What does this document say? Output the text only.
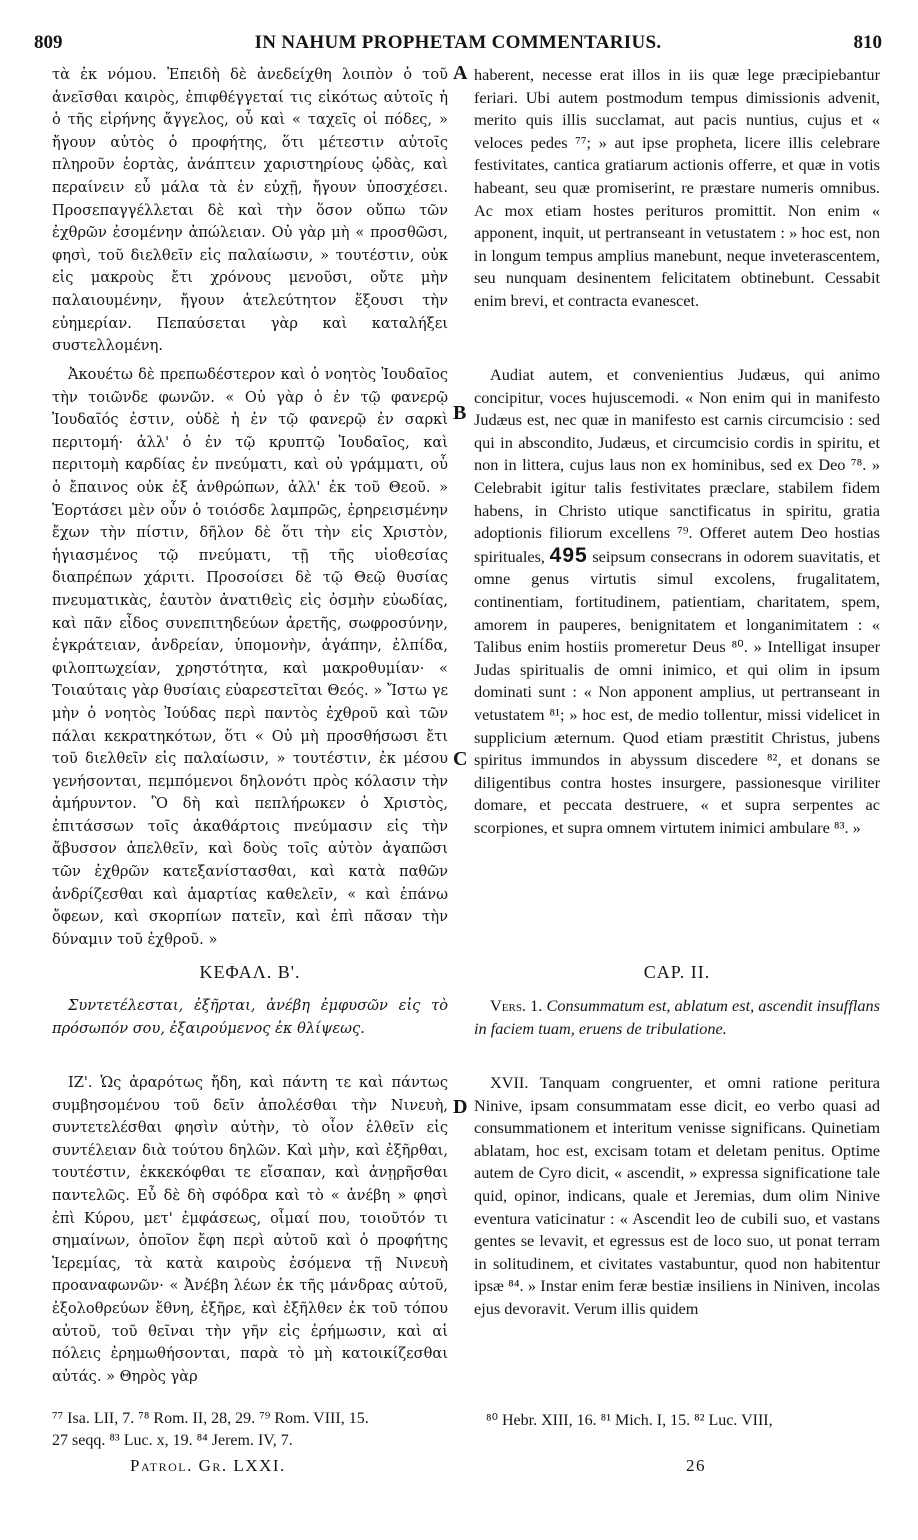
809	IN NAHUM PROPHETAM COMMENTARIUS.	810

τὰ ἐκ νόμου. Ἐπειδὴ δὲ ἀνεδείχθη λοιπὸν ὁ τοῦ ἀνεῖσθαι καιρὸς, ἐπιφθέγγεταί τις εἰκότως αὐτοῖς ἡ ὁ τῆς εἰρήνης ἄγγελος, οὗ καὶ « ταχεῖς οἱ πόδες, » ἤγουν αὐτὸς ὁ προφήτης, ὅτι μέτεστιν αὐτοῖς πληροῦν ἑορτὰς, ἀνάπτειν χαριστηρίους ᾠδὰς, καὶ περαίνειν εὖ μάλα τὰ ἐν εὐχῇ, ἤγουν ὑποσχέσει. Προσεπαγγέλλεται δὲ καὶ τὴν ὅσον οὔπω τῶν ἐχθρῶν ἐσομένην ἀπώλειαν. Οὐ γὰρ μὴ « προσθῶσι, φησὶ, τοῦ διελθεῖν εἰς παλαίωσιν, » τουτέστιν, οὐκ εἰς μακροὺς ἔτι χρόνους μενοῦσι, οὔτε μὴν παλαιουμένην, ἤγουν ἀτελεύτητον ἕξουσι τὴν εὐημερίαν. Πεπαύσεται γὰρ καὶ καταλήξει συστελλομένη.

Ἀκουέτω δὲ πρεπωδέστερον καὶ ὁ νοητὸς Ἰουδαῖος τὴν τοιῶνδε φωνῶν. « Οὐ γὰρ ὁ ἐν τῷ φανερῷ Ἰουδαῖός ἐστιν, οὐδὲ ἡ ἐν τῷ φανερῷ ἐν σαρκὶ περιτομή· ἀλλ' ὁ ἐν τῷ κρυπτῷ Ἰουδαῖος, καὶ περιτομὴ καρδίας ἐν πνεύματι, καὶ οὐ γράμματι, οὗ ὁ ἔπαινος οὐκ ἐξ ἀνθρώπων, ἀλλ' ἐκ τοῦ Θεοῦ. » Ἑορτάσει μὲν οὖν ὁ τοιόσδε λαμπρῶς, ἐρηρεισμένην ἔχων τὴν πίστιν, δῆλον δὲ ὅτι τὴν εἰς Χριστὸν, ἡγιασμένος τῷ πνεύματι, τῇ τῆς υἱοθεσίας διαπρέπων χάριτι. Προσοίσει δὲ τῷ Θεῷ θυσίας πνευματικὰς, ἑαυτὸν ἀνατιθεὶς εἰς ὀσμὴν εὐωδίας, καὶ πᾶν εἶδος συνεπιτηδεύων ἀρετῆς, σωφροσύνην, ἐγκράτειαν, ἀνδρείαν, ὑπομονὴν, ἀγάπην, ἐλπίδα, φιλοπτωχείαν, χρηστότητα, καὶ μακροθυμίαν· « Τοιαύταις γὰρ θυσίαις εὐαρεστεῖται Θεός. » Ἴστω γε μὴν ὁ νοητὸς Ἰούδας περὶ παντὸς ἐχθροῦ καὶ τῶν πάλαι κεκρατηκότων, ὅτι « Οὐ μὴ προσθήσωσι ἔτι τοῦ διελθεῖν εἰς παλαίωσιν, » τουτέστιν, ἐκ μέσου γενήσονται, πεμπόμενοι δηλονότι πρὸς κόλασιν τὴν ἀμήρυντον. Ὃ δὴ καὶ πεπλήρωκεν ὁ Χριστὸς, ἐπιτάσσων τοῖς ἀκαθάρτοις πνεύμασιν εἰς τὴν ἄβυσσον ἀπελθεῖν, καὶ δοὺς τοῖς αὐτὸν ἀγαπῶσι τῶν ἐχθρῶν κατεξανίστασθαι, καὶ κατὰ παθῶν ἀνδρίζεσθαι καὶ ἁμαρτίας καθελεῖν, « καὶ ἐπάνω ὄφεων, καὶ σκορπίων πατεῖν, καὶ ἐπὶ πᾶσαν τὴν δύναμιν τοῦ ἐχθροῦ. »

ΚΕΦΑΛ. Β'.

Συντετέλεσται, ἐξῆρται, ἀνέβη ἐμφυσῶν εἰς τὸ πρόσωπόν σου, ἐξαιρούμενος ἐκ θλίψεως.

ΙΖ'. Ὡς ἀραρότως ἤδη, καὶ πάντη τε καὶ πάντως συμβησομένου τοῦ δεῖν ἀπολέσθαι τὴν Νινευὴ, συντετελέσθαι φησὶν αὐτὴν, τὸ οἷον ἐλθεῖν εἰς συντέλειαν διὰ τούτου δηλῶν. Καὶ μὴν, καὶ ἐξῆρθαι, τουτέστιν, ἐκκεκόφθαι τε εἴσαπαν, καὶ ἀνῃρῆσθαι παντελῶς. Εὖ δὲ δὴ σφόδρα καὶ τὸ « ἀνέβη » φησὶ ἐπὶ Κύρου, μετ' ἐμφάσεως, οἶμαί που, τοιοῦτόν τι σημαίνων, ὁποῖον ἔφη περὶ αὐτοῦ καὶ ὁ προφήτης Ἱερεμίας, τὰ κατὰ καιροὺς ἐσόμενα τῇ Νινευὴ προαναφωνῶν· « Ἀνέβη λέων ἐκ τῆς μάνδρας αὐτοῦ, ἐξολοθρεύων ἔθνη, ἐξῆρε, καὶ ἐξῆλθεν ἐκ τοῦ τόπου αὐτοῦ, τοῦ θεῖναι τὴν γῆν εἰς ἐρήμωσιν, καὶ αἱ πόλεις ἐρημωθήσονται, παρὰ τὸ μὴ κατοικίζεσθαι αὐτάς. » Θηρὸς γὰρ

A
B
C
D

haberent, necesse erat illos in iis quæ lege præcipiebantur feriari. Ubi autem postmodum tempus dimissionis advenit, merito quis illis succlamat, aut pacis nuntius, cujus et « veloces pedes ⁷⁷; » aut ipse propheta, licere illis celebrare festivitates, cantica gratiarum actionis offerre, et quæ in votis habeant, seu quæ promiserint, re præstare numeris omnibus. Ac mox etiam hostes perituros promittit. Non enim « apponent, inquit, ut pertranseant in vetustatem : » hoc est, non in longum tempus amplius manebunt, neque inveterascentem, seu nunquam desinentem felicitatem obtinebunt. Cessabit enim brevi, et contracta evanescet.

Audiat autem, et convenientius Judæus, qui animo concipitur, voces hujuscemodi. « Non enim qui in manifesto Judæus est, nec quæ in manifesto est carnis circumcisio : sed qui in abscondito, Judæus, et circumcisio cordis in spiritu, et non in littera, cujus laus non ex hominibus, sed ex Deo ⁷⁸. » Celebrabit igitur talis festivitates præclare, stabilem fidem habens, in Christo utique sanctificatus in spiritu, gratia adoptionis filiorum excellens ⁷⁹. Offeret autem Deo hostias spirituales, 495 seipsum consecrans in odorem suavitatis, et omne genus virtutis simul excolens, frugalitatem, continentiam, fortitudinem, patientiam, charitatem, spem, amorem in pauperes, benignitatem et longanimitatem : « Talibus enim hostiis promeretur Deus ⁸⁰. » Intelligat insuper Judas spiritualis de omni inimico, et qui olim in ipsum dominati sunt : « Non apponent amplius, ut pertranseant in vetustatem ⁸¹; » hoc est, de medio tollentur, missi videlicet in supplicium æternum. Quod etiam præstitit Christus, jubens spiritus immundos in abyssum discedere ⁸², et donans se diligentibus contra hostes insurgere, passionesque viriliter domare, et peccata destruere, « et supra serpentes ac scorpiones, et supra omnem virtutem inimici ambulare ⁸³. »

CAP. II.

Vers. 1. Consummatum est, ablatum est, ascendit insufflans in faciem tuam, eruens de tribulatione.

XVII. Tanquam congruenter, et omni ratione peritura Ninive, ipsam consummatam esse dicit, eo verbo quasi ad consummationem et interitum venisse significans. Quinetiam ablatam, hoc est, excisam totam et deletam penitus. Optime autem de Cyro dicit, « ascendit, » expressa significatione tale quid, opinor, indicans, quale et Jeremias, dum olim Ninive eventura vaticinatur : « Ascendit leo de cubili suo, et vastans gentes se levavit, et egressus est de loco suo, ut ponat terram in solitudinem, et civitates vastabuntur, quod non habitentur ipsæ ⁸⁴. » Instar enim feræ bestiæ insiliens in Niniven, incolas ejus devoravit. Verum illis quidem

⁷⁷ Isa. LII, 7. ⁷⁸ Rom. II, 28, 29. ⁷⁹ Rom. VIII, 15.
27 seqq. ⁸³ Luc. x, 19. ⁸⁴ Jerem. IV, 7.
⁸⁰ Hebr. XIII, 16. ⁸¹ Mich. I, 15. ⁸² Luc. VIII,
Patrol. Gr. LXXI.	26
